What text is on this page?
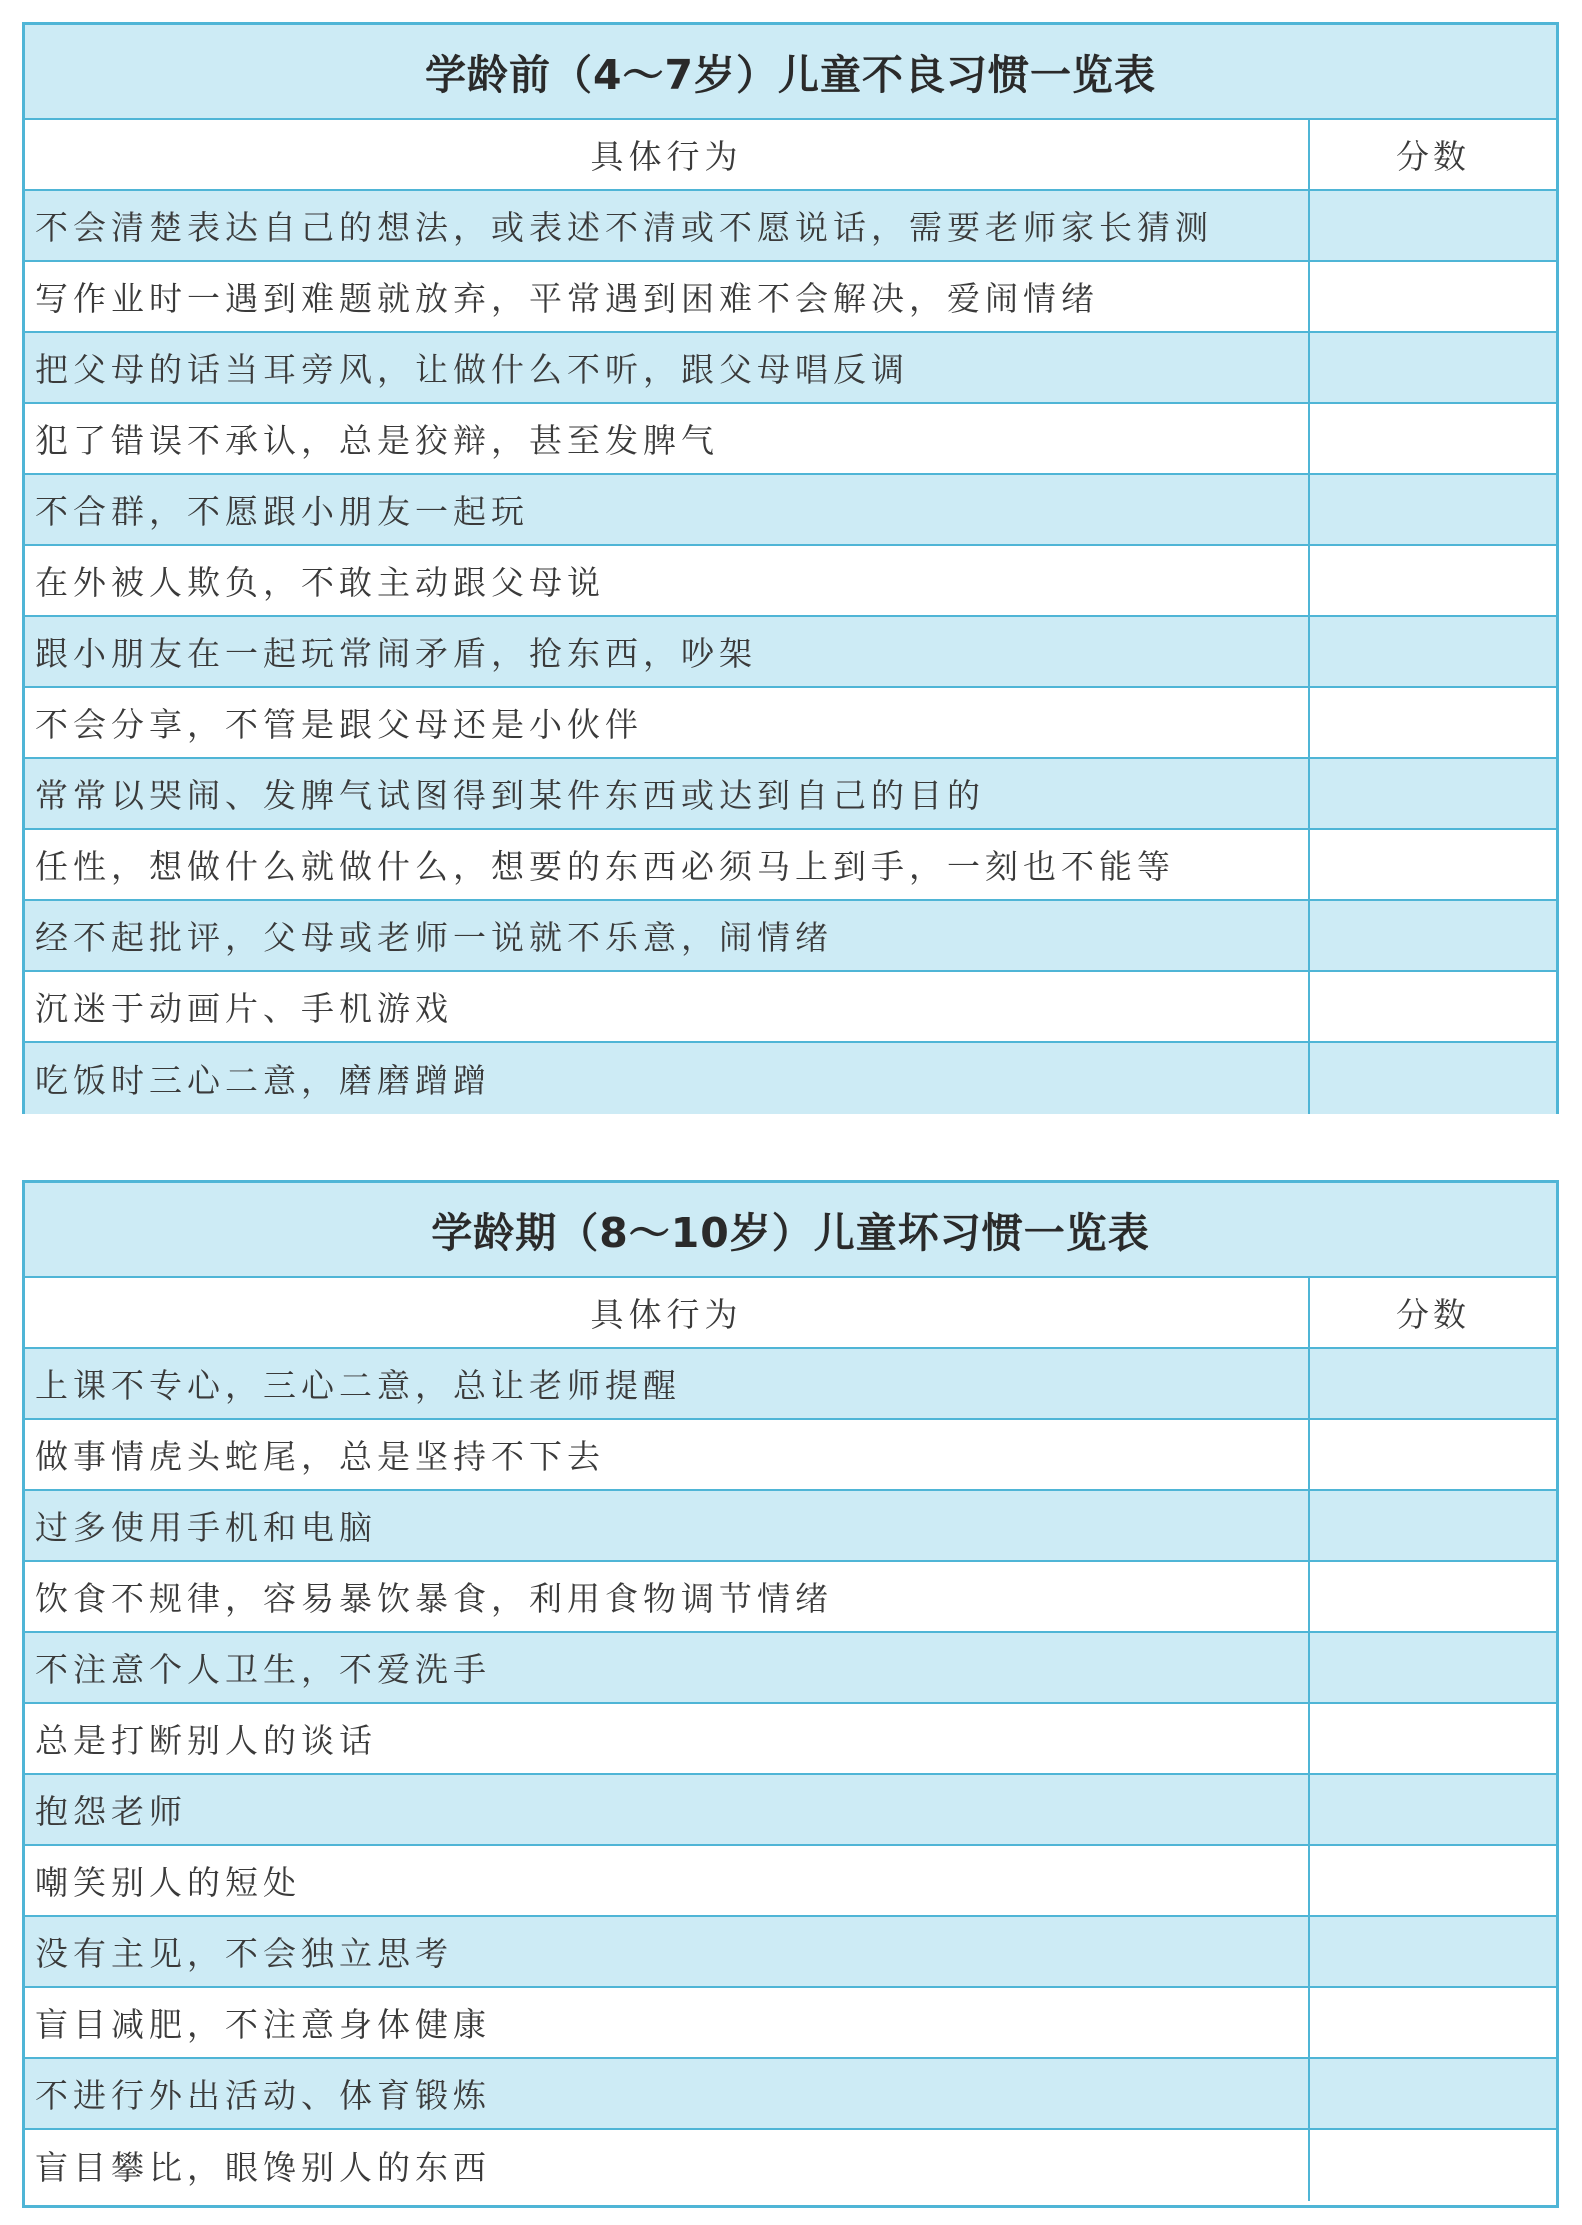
学龄前（4～7岁）儿童不良习惯一览表
具体行为	分数
不会清楚表达自己的想法，或表述不清或不愿说话，需要老师家长猜测
写作业时一遇到难题就放弃，平常遇到困难不会解决，爱闹情绪
把父母的话当耳旁风，让做什么不听，跟父母唱反调
犯了错误不承认，总是狡辩，甚至发脾气
不合群，不愿跟小朋友一起玩
在外被人欺负，不敢主动跟父母说
跟小朋友在一起玩常闹矛盾，抢东西，吵架
不会分享，不管是跟父母还是小伙伴
常常以哭闹、发脾气试图得到某件东西或达到自己的目的
任性，想做什么就做什么，想要的东西必须马上到手，一刻也不能等
经不起批评，父母或老师一说就不乐意，闹情绪
沉迷于动画片、手机游戏
吃饭时三心二意，磨磨蹭蹭
学龄期（8～10岁）儿童坏习惯一览表
具体行为	分数
上课不专心，三心二意，总让老师提醒
做事情虎头蛇尾，总是坚持不下去
过多使用手机和电脑
饮食不规律，容易暴饮暴食，利用食物调节情绪
不注意个人卫生，不爱洗手
总是打断别人的谈话
抱怨老师
嘲笑别人的短处
没有主见，不会独立思考
盲目减肥，不注意身体健康
不进行外出活动、体育锻炼
盲目攀比，眼馋别人的东西
